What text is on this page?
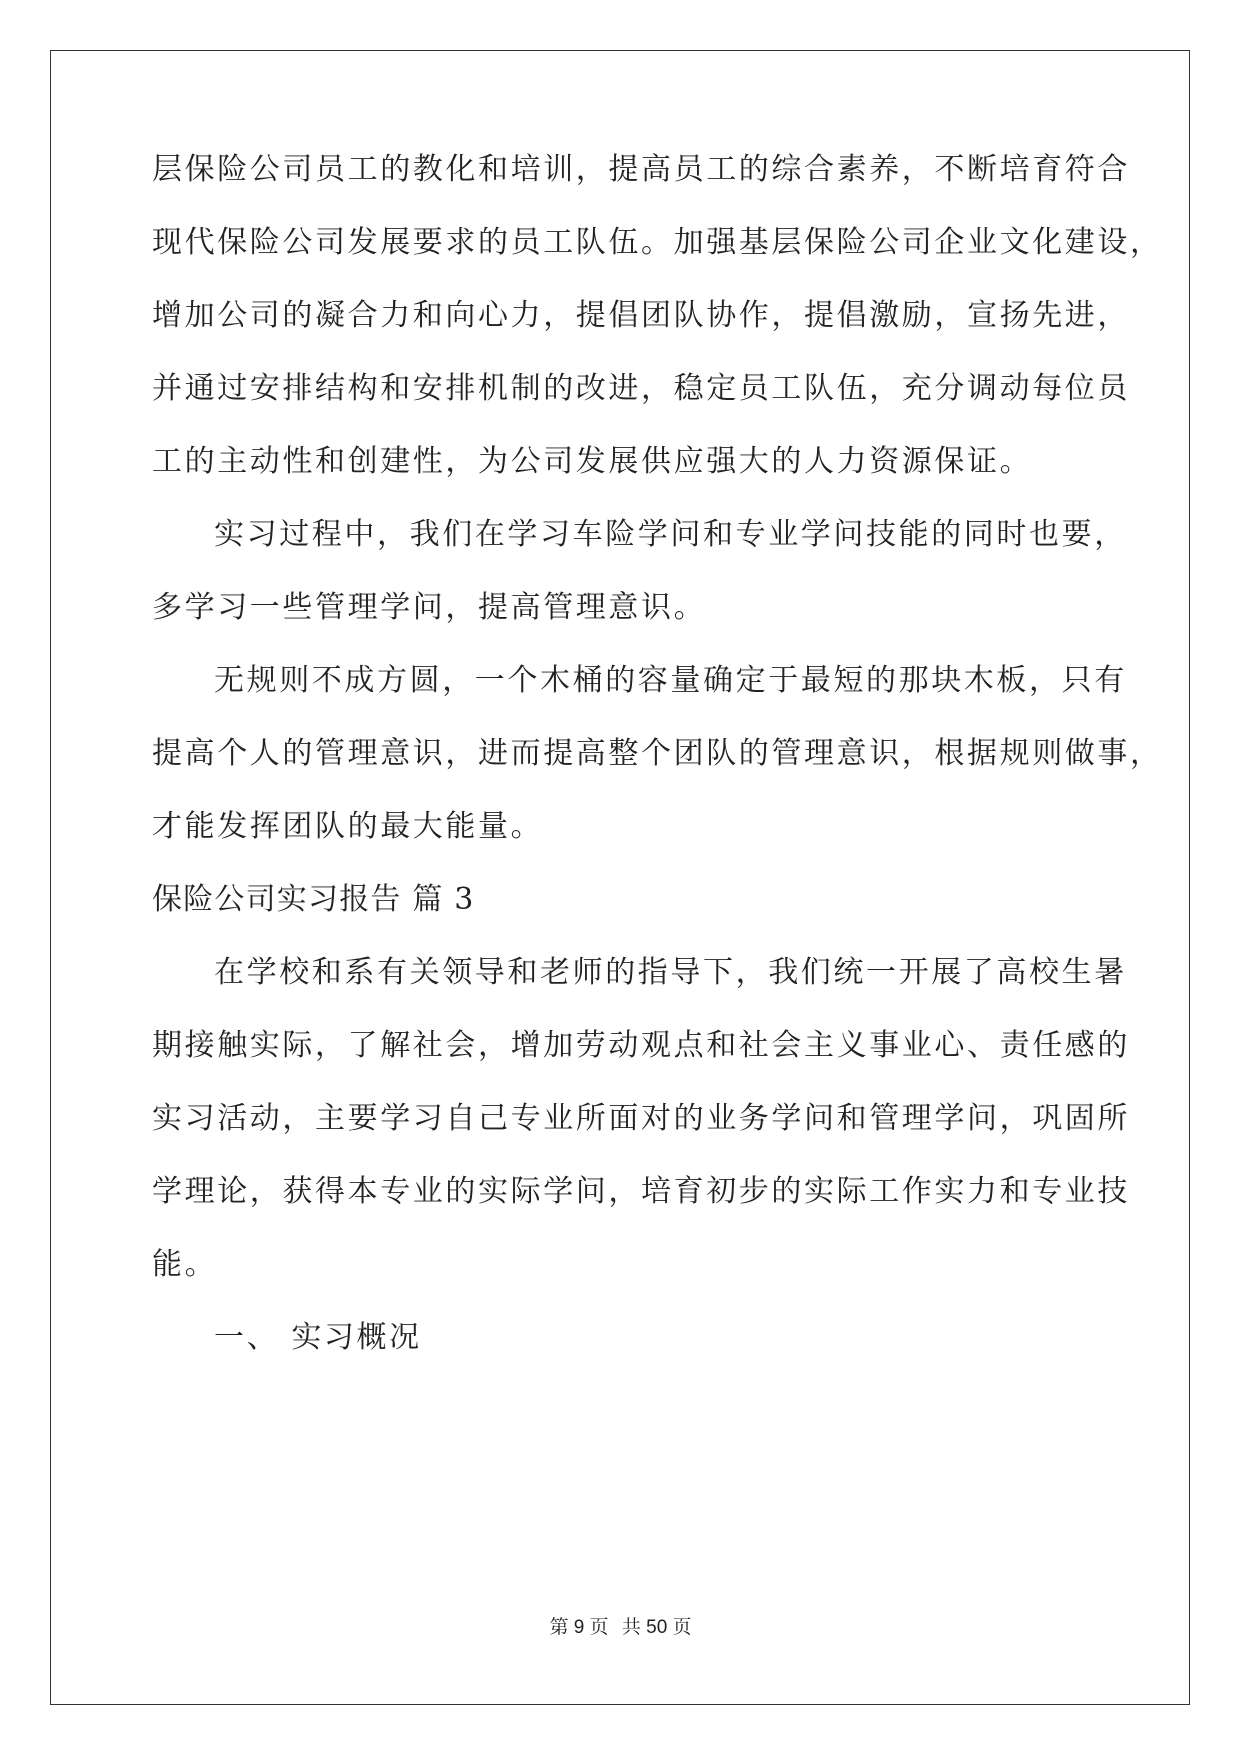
层保险公司员工的教化和培训，提高员工的综合素养，不断培育符合
现代保险公司发展要求的员工队伍。加强基层保险公司企业文化建设，
增加公司的凝合力和向心力，提倡团队协作，提倡激励，宣扬先进，
并通过安排结构和安排机制的改进，稳定员工队伍，充分调动每位员
工的主动性和创建性，为公司发展供应强大的人力资源保证。
实习过程中，我们在学习车险学问和专业学问技能的同时也要，
多学习一些管理学问，提高管理意识。
无规则不成方圆，一个木桶的容量确定于最短的那块木板，只有
提高个人的管理意识，进而提高整个团队的管理意识，根据规则做事，
才能发挥团队的最大能量。
保险公司实习报告 篇 3
在学校和系有关领导和老师的指导下，我们统一开展了高校生暑
期接触实际，了解社会，增加劳动观点和社会主义事业心、责任感的
实习活动，主要学习自己专业所面对的业务学问和管理学问，巩固所
学理论，获得本专业的实际学问，培育初步的实际工作实力和专业技
能。
一、 实习概况
第 9 页 共 50 页
